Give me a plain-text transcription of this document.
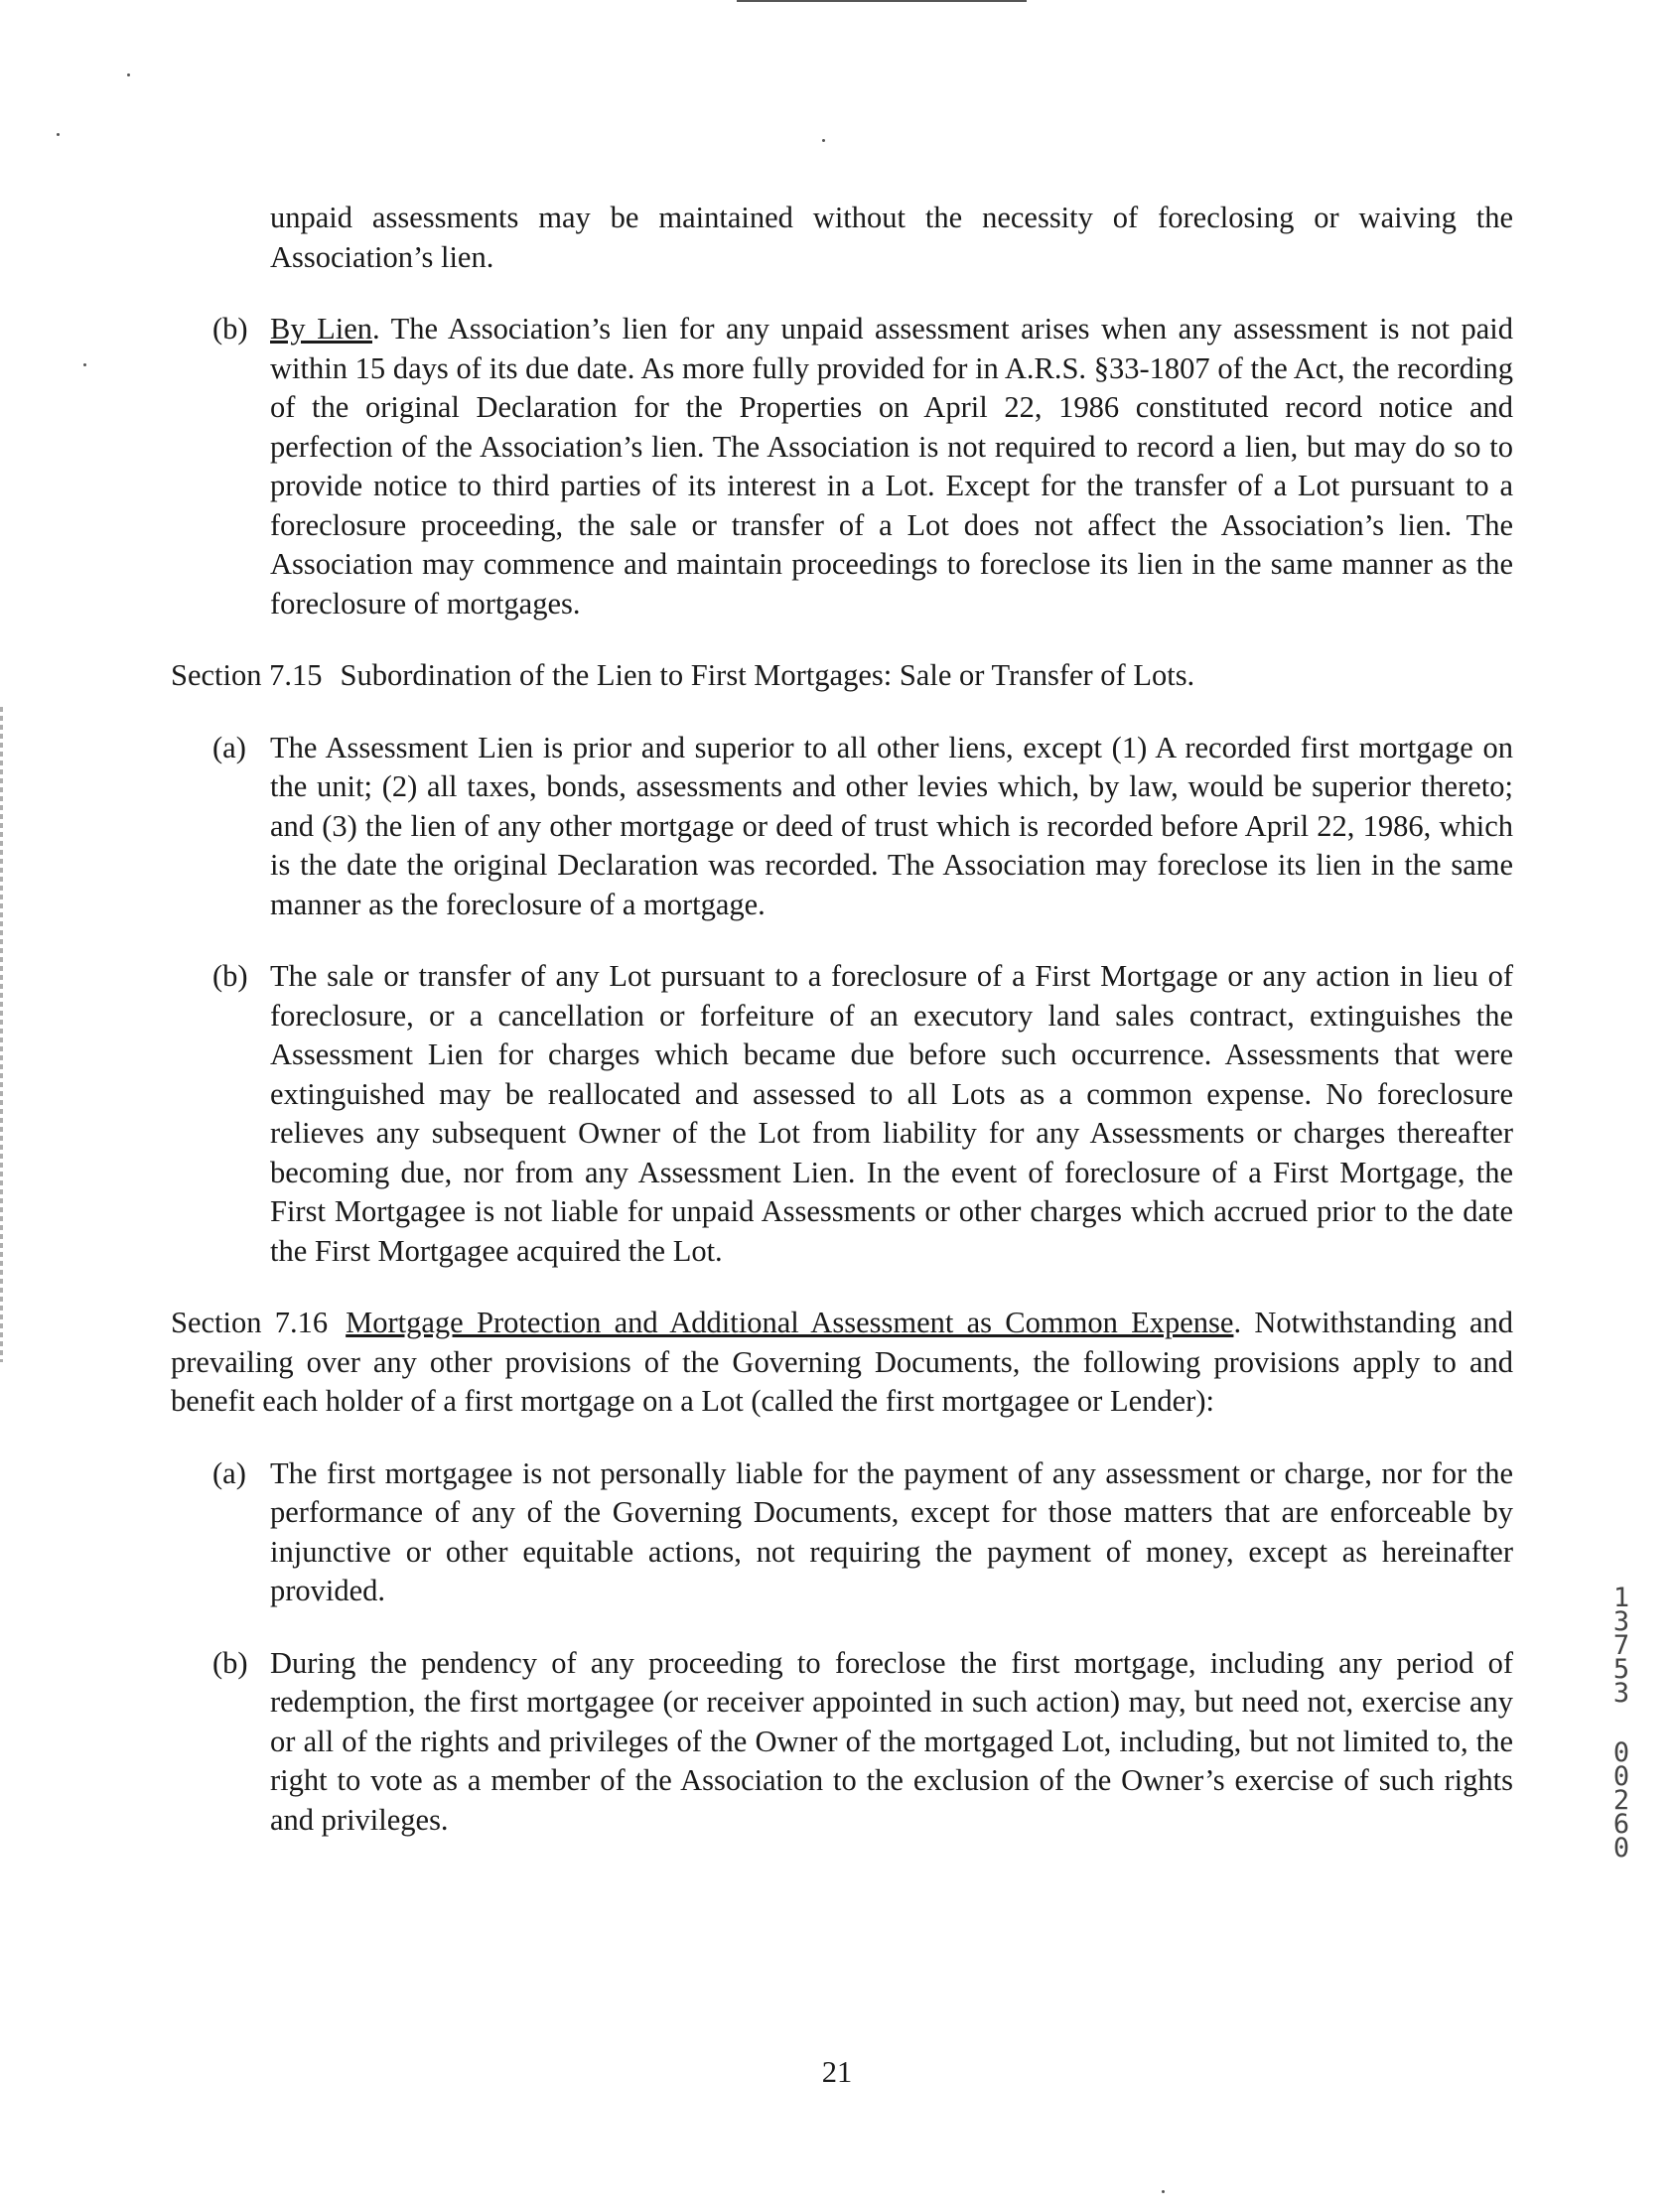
unpaid assessments may be maintained without the necessity of foreclosing or waiving the Association’s lien.

(b) By Lien. The Association’s lien for any unpaid assessment arises when any assessment is not paid within 15 days of its due date. As more fully provided for in A.R.S. §33-1807 of the Act, the recording of the original Declaration for the Properties on April 22, 1986 constituted record notice and perfection of the Association’s lien. The Association is not required to record a lien, but may do so to provide notice to third parties of its interest in a Lot. Except for the transfer of a Lot pursuant to a foreclosure proceeding, the sale or transfer of a Lot does not affect the Association’s lien. The Association may commence and maintain proceedings to foreclose its lien in the same manner as the foreclosure of mortgages.

Section 7.15 Subordination of the Lien to First Mortgages: Sale or Transfer of Lots.

(a) The Assessment Lien is prior and superior to all other liens, except (1) A recorded first mortgage on the unit; (2) all taxes, bonds, assessments and other levies which, by law, would be superior thereto; and (3) the lien of any other mortgage or deed of trust which is recorded before April 22, 1986, which is the date the original Declaration was recorded. The Association may foreclose its lien in the same manner as the foreclosure of a mortgage.

(b) The sale or transfer of any Lot pursuant to a foreclosure of a First Mortgage or any action in lieu of foreclosure, or a cancellation or forfeiture of an executory land sales contract, extinguishes the Assessment Lien for charges which became due before such occurrence. Assessments that were extinguished may be reallocated and assessed to all Lots as a common expense. No foreclosure relieves any subsequent Owner of the Lot from liability for any Assessments or charges thereafter becoming due, nor from any Assessment Lien. In the event of foreclosure of a First Mortgage, the First Mortgagee is not liable for unpaid Assessments or other charges which accrued prior to the date the First Mortgagee acquired the Lot.

Section 7.16 Mortgage Protection and Additional Assessment as Common Expense. Notwithstanding and prevailing over any other provisions of the Governing Documents, the following provisions apply to and benefit each holder of a first mortgage on a Lot (called the first mortgagee or Lender):

(a) The first mortgagee is not personally liable for the payment of any assessment or charge, nor for the performance of any of the Governing Documents, except for those matters that are enforceable by injunctive or other equitable actions, not requiring the payment of money, except as hereinafter provided.

(b) During the pendency of any proceeding to foreclose the first mortgage, including any period of redemption, the first mortgagee (or receiver appointed in such action) may, but need not, exercise any or all of the rights and privileges of the Owner of the mortgaged Lot, including, but not limited to, the right to vote as a member of the Association to the exclusion of the Owner’s exercise of such rights and privileges.

21
1
3
7
5
3
0
0
2
6
0
